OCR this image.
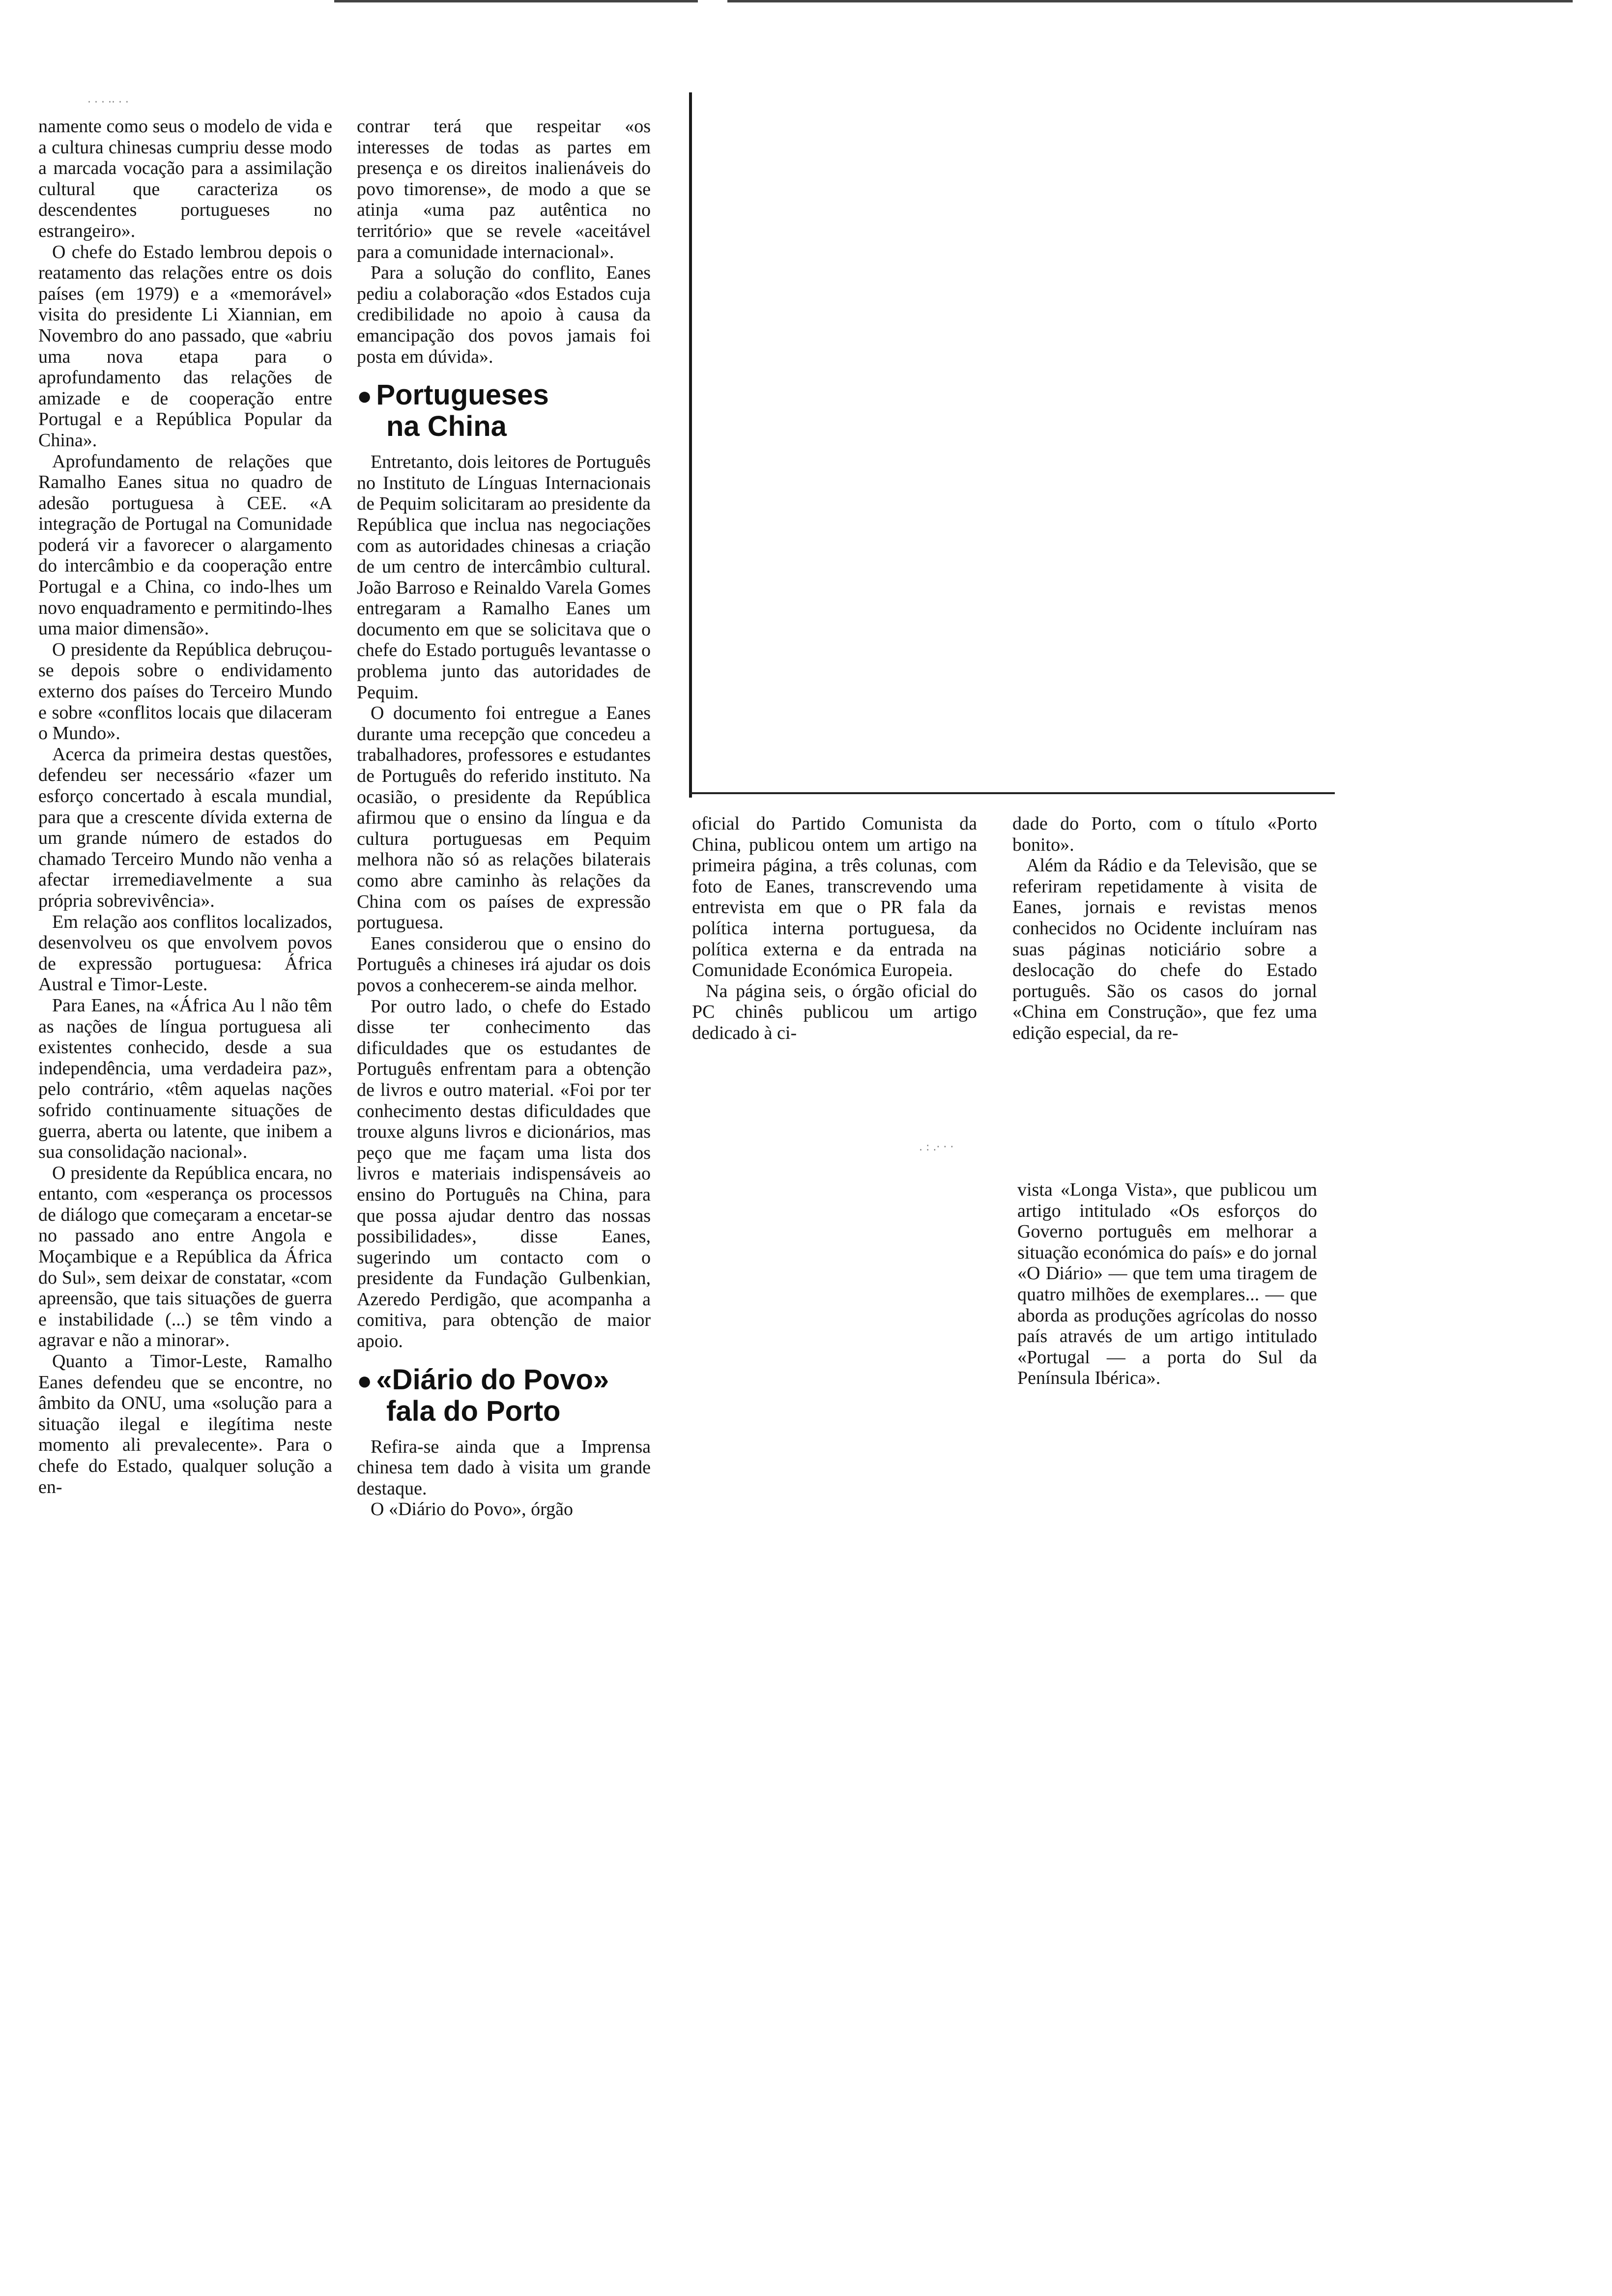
· · · ·· · ·

namente como seus o modelo de vida e a cultura chinesas cumpriu desse modo a marcada vocação para a assimilação cultural que caracteriza os descendentes portugueses no estrangeiro».

O chefe do Estado lembrou depois o reatamento das relações entre os dois países (em 1979) e a «memorável» visita do presidente Li Xiannian, em Novembro do ano passado, que «abriu uma nova etapa para o aprofundamento das relações de amizade e de cooperação entre Portugal e a República Popular da China».

Aprofundamento de relações que Ramalho Eanes situa no quadro de adesão portuguesa à CEE. «A integração de Portugal na Comunidade poderá vir a favorecer o alargamento do intercâmbio e da cooperação entre Portugal e a China, co indo-lhes um novo enquadramento e permitindo-lhes uma maior dimensão».

O presidente da República debruçou-se depois sobre o endividamento externo dos países do Terceiro Mundo e sobre «conflitos locais que dilaceram o Mundo».

Acerca da primeira destas questões, defendeu ser necessário «fazer um esforço concertado à escala mundial, para que a crescente dívida externa de um grande número de estados do chamado Terceiro Mundo não venha a afectar irremediavelmente a sua própria sobrevivência».

Em relação aos conflitos localizados, desenvolveu os que envolvem povos de expressão portuguesa: África Austral e Timor-Leste.

Para Eanes, na «África Au l não têm as nações de língua portuguesa ali existentes conhecido, desde a sua independência, uma verdadeira paz», pelo contrário, «têm aquelas nações sofrido continuamente situações de guerra, aberta ou latente, que inibem a sua consolidação nacional».

O presidente da República encara, no entanto, com «esperança os processos de diálogo que começaram a encetar-se no passado ano entre Angola e Moçambique e a República da África do Sul», sem deixar de constatar, «com apreensão, que tais situações de guerra e instabilidade (...) se têm vindo a agravar e não a minorar».

Quanto a Timor-Leste, Ramalho Eanes defendeu que se encontre, no âmbito da ONU, uma «solução para a situação ilegal e ilegítima neste momento ali prevalecente». Para o chefe do Estado, qualquer solução a en-

contrar terá que respeitar «os interesses de todas as partes em presença e os direitos inalienáveis do povo timorense», de modo a que se atinja «uma paz autêntica no território» que se revele «aceitável para a comunidade internacional».

Para a solução do conflito, Eanes pediu a colaboração «dos Estados cuja credibilidade no apoio à causa da emancipação dos povos jamais foi posta em dúvida».

● Portugueses
na China

Entretanto, dois leitores de Português no Instituto de Línguas Internacionais de Pequim solicitaram ao presidente da República que inclua nas negociações com as autoridades chinesas a criação de um centro de intercâmbio cultural. João Barroso e Reinaldo Varela Gomes entregaram a Ramalho Eanes um documento em que se solicitava que o chefe do Estado português levantasse o problema junto das autoridades de Pequim.

O documento foi entregue a Eanes durante uma recepção que concedeu a trabalhadores, professores e estudantes de Português do referido instituto. Na ocasião, o presidente da República afirmou que o ensino da língua e da cultura portuguesas em Pequim melhora não só as relações bilaterais como abre caminho às relações da China com os países de expressão portuguesa.

Eanes considerou que o ensino do Português a chineses irá ajudar os dois povos a conhecerem-se ainda melhor.

Por outro lado, o chefe do Estado disse ter conhecimento das dificuldades que os estudantes de Português enfrentam para a obtenção de livros e outro material. «Foi por ter conhecimento destas dificuldades que trouxe alguns livros e dicionários, mas peço que me façam uma lista dos livros e materiais indispensáveis ao ensino do Português na China, para que possa ajudar dentro das nossas possibilidades», disse Eanes, sugerindo um contacto com o presidente da Fundação Gulbenkian, Azeredo Perdigão, que acompanha a comitiva, para obtenção de maior apoio.

● «Diário do Povo»
fala do Porto

Refira-se ainda que a Imprensa chinesa tem dado à visita um grande destaque.

O «Diário do Povo», órgão

oficial do Partido Comunista da China, publicou ontem um artigo na primeira página, a três colunas, com foto de Eanes, transcrevendo uma entrevista em que o PR fala da política interna portuguesa, da política externa e da entrada na Comunidade Económica Europeia.

Na página seis, o órgão oficial do PC chinês publicou um artigo dedicado à ci-

dade do Porto, com o título «Porto bonito».

Além da Rádio e da Televisão, que se referiram repetidamente à visita de Eanes, jornais e revistas menos conhecidos no Ocidente incluíram nas suas páginas noticiário sobre a deslocação do chefe do Estado português. São os casos do jornal «China em Construção», que fez uma edição especial, da re-

. : .· · ·

vista «Longa Vista», que publicou um artigo intitulado «Os esforços do Governo português em melhorar a situação económica do país» e do jornal «O Diário» — que tem uma tiragem de quatro milhões de exemplares... — que aborda as produções agrícolas do nosso país através de um artigo intitulado «Portugal — a porta do Sul da Península Ibérica».
